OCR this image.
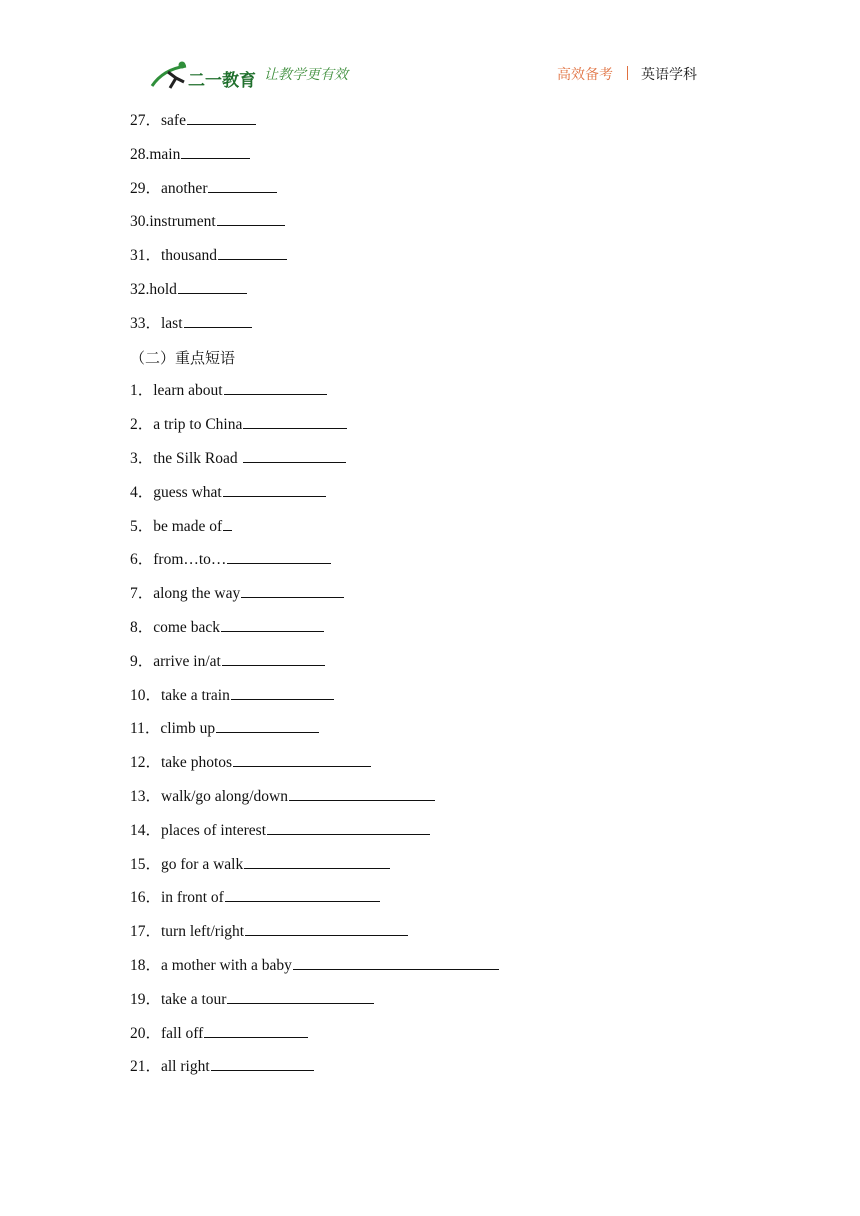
二一教育 让教学更有效	高效备考 英语学科
27．safe
28.main
29．another
30.instrument
31．thousand
32.hold
33．last
（二）重点短语
1．learn about
2．a trip to China
3．the Silk Road
4．guess what
5．be made of
6．from…to…
7．along the way
8．come back
9．arrive in/at
10．take a train
11．climb up
12．take photos
13．walk/go along/down
14．places of interest
15．go for a walk
16．in front of
17．turn left/right
18．a mother with a baby
19．take a tour
20．fall off
21．all right
